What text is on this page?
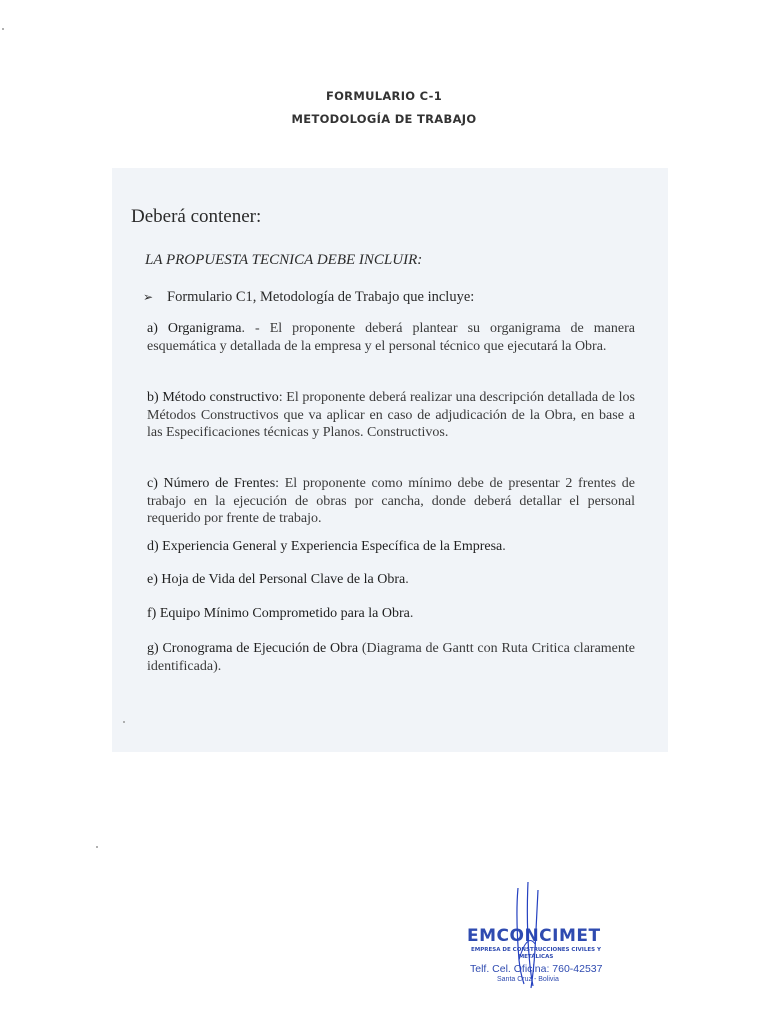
FORMULARIO C-1
METODOLOGÍA DE TRABAJO
Deberá contener:
LA PROPUESTA TECNICA DEBE INCLUIR:
➢ Formulario C1, Metodología de Trabajo que incluye:
a) Organigrama. - El proponente deberá plantear su organigrama de manera esquemática y detallada de la empresa y el personal técnico que ejecutará la Obra.
b) Método constructivo: El proponente deberá realizar una descripción detallada de los Métodos Constructivos que va aplicar en caso de adjudicación de la Obra, en base a las Especificaciones técnicas y Planos. Constructivos.
c) Número de Frentes: El proponente como mínimo debe de presentar 2 frentes de trabajo en la ejecución de obras por cancha, donde deberá detallar el personal requerido por frente de trabajo.
d) Experiencia General y Experiencia Específica de la Empresa.
e) Hoja de Vida del Personal Clave de la Obra.
f) Equipo Mínimo Comprometido para la Obra.
g) Cronograma de Ejecución de Obra (Diagrama de Gantt con Ruta Critica claramente identificada).
EMCONCIMET
EMPRESA DE CONSTRUCCIONES CIVILES Y METÁLICAS
Telf. Cel. Oficina: 760-42537
Santa Cruz - Bolivia
